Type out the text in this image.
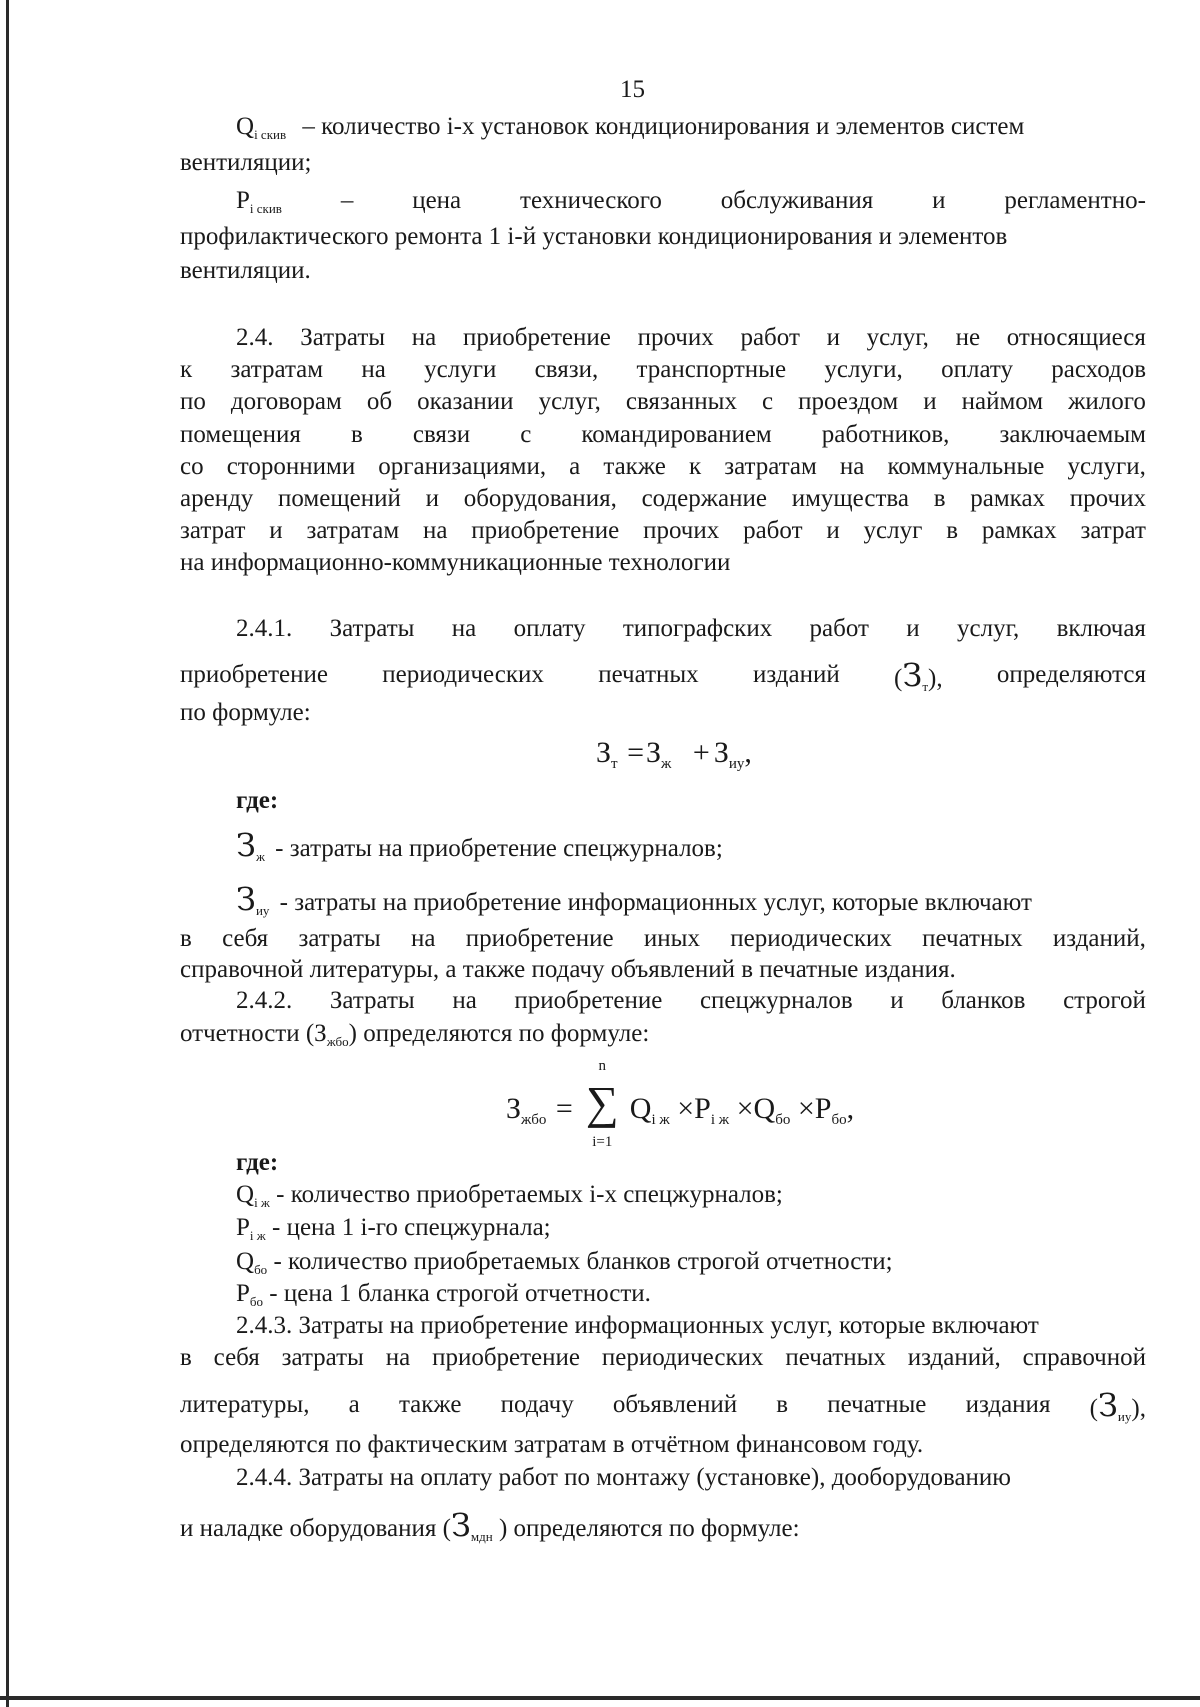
15
$Q_{i скив}$ – количество i-х установок кондиционирования и элементов систем
вентиляции;
$P_{i скив}$ – цена технического обслуживания и регламентно-
профилактического ремонта 1 i-й установки кондиционирования и элементов
вентиляции.
2.4. Затраты на приобретение прочих работ и услуг, не относящиеся
к затратам на услуги связи, транспортные услуги, оплату расходов
по договорам об оказании услуг, связанных с проездом и наймом жилого
помещения в связи с командированием работников, заключаемым
со сторонними организациями, а также к затратам на коммунальные услуги,
аренду помещений и оборудования, содержание имущества в рамках прочих
затрат и затратам на приобретение прочих работ и услуг в рамках затрат
на информационно-коммуникационные технологии
2.4.1. Затраты на оплату типографских работ и услуг, включая
приобретение периодических печатных изданий $(З_т)$, определяются
по формуле:
$З_т =З_ж + З_{иу}$,
где:
$З_ж$ - затраты на приобретение спецжурналов;
$З_{иу}$ - затраты на приобретение информационных услуг, которые включают
в себя затраты на приобретение иных периодических печатных изданий,
справочной литературы, а также подачу объявлений в печатные издания.
2.4.2. Затраты на приобретение спецжурналов и бланков строгой
отчетности $(З_{жбо})$ определяются по формуле:
$З_{жбо}$ =
n
∑
i=1
$Q_{i ж} \times P_{i ж} \times Q_{бо} \times P_{бо}$,
где:
$Q_{i ж}$ - количество приобретаемых i-х спецжурналов;
$P_{i ж}$ - цена 1 i-го спецжурнала;
$Q_{бо}$ - количество приобретаемых бланков строгой отчетности;
$P_{бо}$ - цена 1 бланка строгой отчетности.
2.4.3. Затраты на приобретение информационных услуг, которые включают
в себя затраты на приобретение периодических печатных изданий, справочной
литературы, а также подачу объявлений в печатные издания $(З_{иу})$,
определяются по фактическим затратам в отчётном финансовом году.
2.4.4. Затраты на оплату работ по монтажу (установке), дооборудованию
и наладке оборудования ($З_{мдн}$ ) определяются по формуле:
